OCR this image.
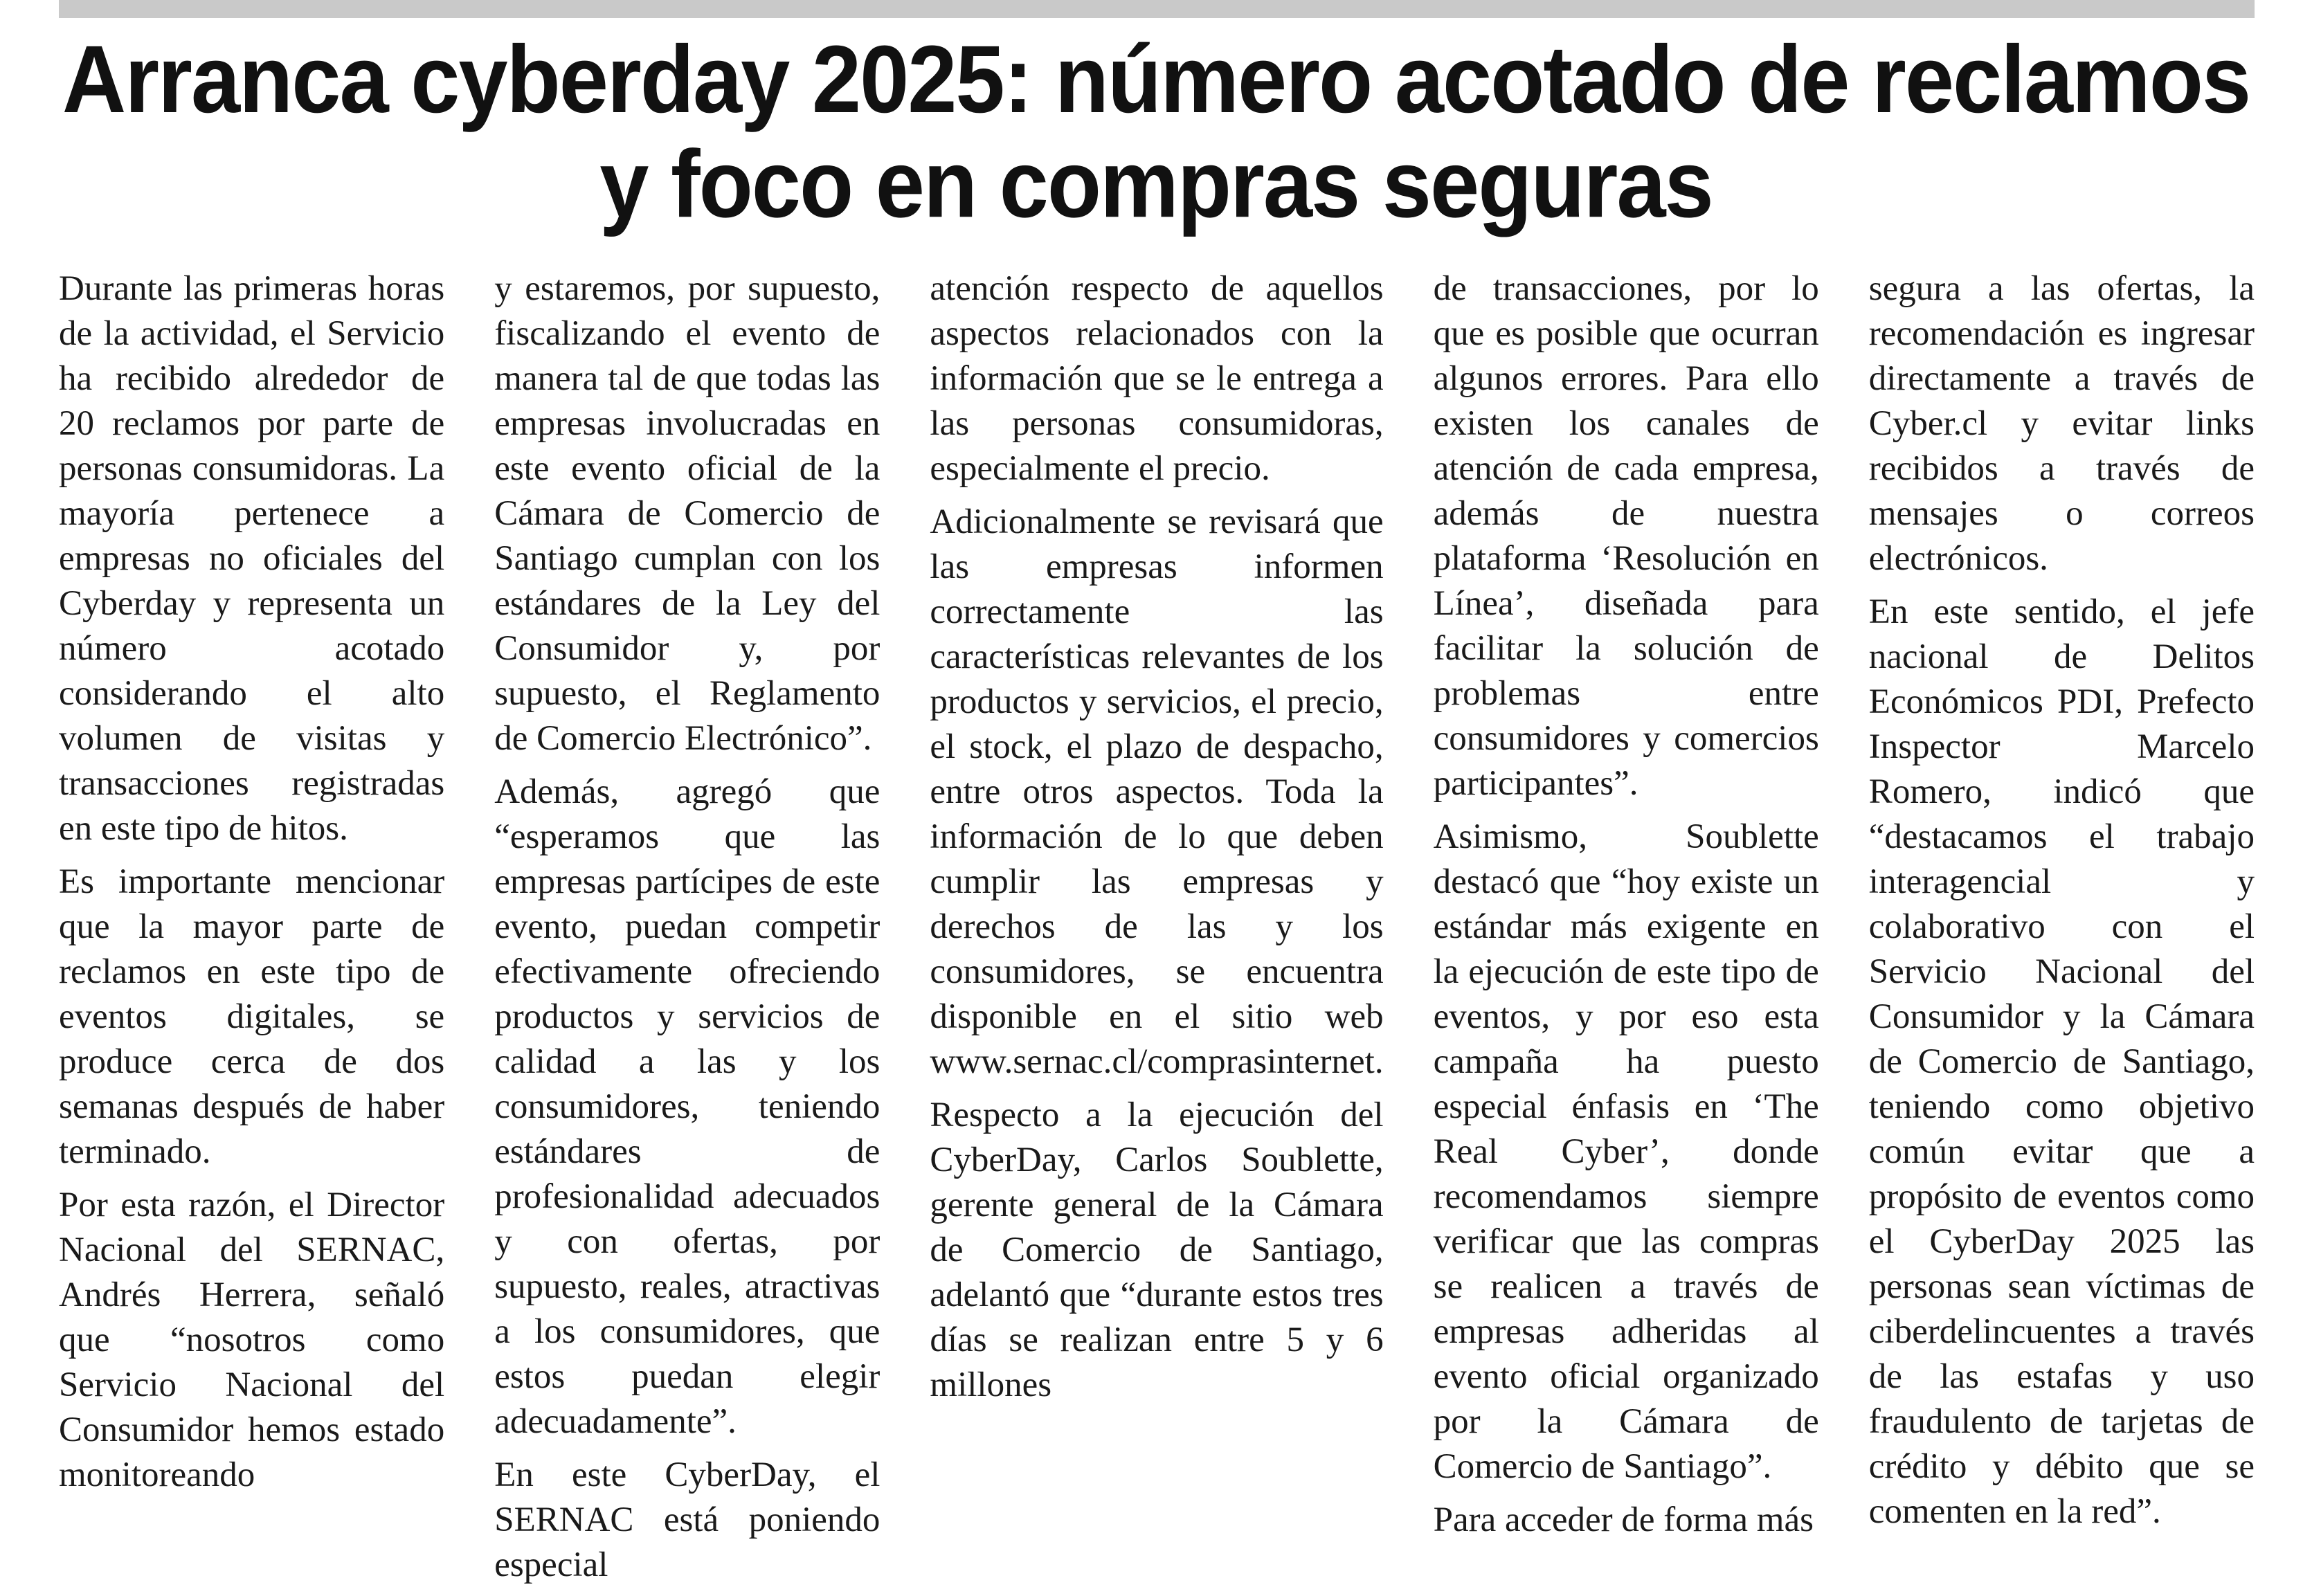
Arranca cyberday 2025: número acotado de reclamos y foco en compras seguras

Durante las primeras horas de la actividad, el Servicio ha recibido alrededor de 20 reclamos por parte de personas consumidoras. La mayoría pertenece a empresas no oficiales del Cyberday y representa un número acotado considerando el alto volumen de visitas y transacciones registradas en este tipo de hitos.

Es importante mencionar que la mayor parte de reclamos en este tipo de eventos digitales, se produce cerca de dos semanas después de haber terminado.

Por esta razón, el Director Nacional del SERNAC, Andrés Herrera, señaló que “nosotros como Servicio Nacional del Consumidor hemos estado monitoreando

y estaremos, por supuesto, fiscalizando el evento de manera tal de que todas las empresas involucradas en este evento oficial de la Cámara de Comercio de Santiago cumplan con los estándares de la Ley del Consumidor y, por supuesto, el Reglamento de Comercio Electrónico”.

Además, agregó que “esperamos que las empresas partícipes de este evento, puedan competir efectivamente ofreciendo productos y servicios de calidad a las y los consumidores, teniendo estándares de profesionalidad adecuados y con ofertas, por supuesto, reales, atractivas a los consumidores, que estos puedan elegir adecuadamente”.

En este CyberDay, el SERNAC está poniendo especial

atención respecto de aquellos aspectos relacionados con la información que se le entrega a las personas consumidoras, especialmente el precio.

Adicionalmente se revisará que las empresas informen correctamente las características relevantes de los productos y servicios, el precio, el stock, el plazo de despacho, entre otros aspectos. Toda la información de lo que deben cumplir las empresas y derechos de las y los consumidores, se encuentra disponible en el sitio web www.sernac.cl/comprasinternet.

Respecto a la ejecución del CyberDay, Carlos Soublette, gerente general de la Cámara de Comercio de Santiago, adelantó que “durante estos tres días se realizan entre 5 y 6 millones

de transacciones, por lo que es posible que ocurran algunos errores. Para ello existen los canales de atención de cada empresa, además de nuestra plataforma ‘Resolución en Línea’, diseñada para facilitar la solución de problemas entre consumidores y comercios participantes”.

Asimismo, Soublette destacó que “hoy existe un estándar más exigente en la ejecución de este tipo de eventos, y por eso esta campaña ha puesto especial énfasis en ‘The Real Cyber’, donde recomendamos siempre verificar que las compras se realicen a través de empresas adheridas al evento oficial organizado por la Cámara de Comercio de Santiago”.

Para acceder de forma más

segura a las ofertas, la recomendación es ingresar directamente a través de Cyber.cl y evitar links recibidos a través de mensajes o correos electrónicos.

En este sentido, el jefe nacional de Delitos Económicos PDI, Prefecto Inspector Marcelo Romero, indicó que “destacamos el trabajo interagencial y colaborativo con el Servicio Nacional del Consumidor y la Cámara de Comercio de Santiago, teniendo como objetivo común evitar que a propósito de eventos como el CyberDay 2025 las personas sean víctimas de ciberdelincuentes a través de las estafas y uso fraudulento de tarjetas de crédito y débito que se comenten en la red”.
